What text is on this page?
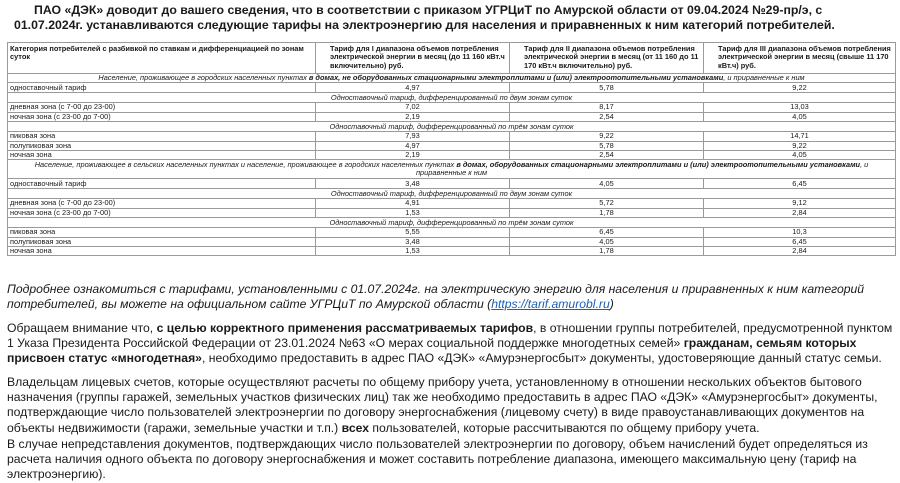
ПАО «ДЭК» доводит до вашего сведения, что в соответствии с приказом УГРЦиТ по Амурской области от 09.04.2024 №29-пр/э, с 01.07.2024г. устанавливаются следующие тарифы на электроэнергию для населения и приравненных к ним категорий потребителей.
Категория потребителей с разбивкой по ставкам и дифференциацией по зонам суток	Тариф для I диапазона объемов потребления электрической энергии в месяц (до 11 160 кВт.ч включительно) руб.	Тариф для II диапазона объемов потребления электрической энергии в месяц (от 11 160 до 11 170 кВт.ч включительно) руб.	Тариф для III диапазона объемов потребления электрической энергии в месяц (свыше 11 170 кВт.ч) руб.
Население, проживающее в городских населенных пунктах в домах, не оборудованных стационарными электроплитами и (или) электроотопительными установками, и приравненные к ним			
одноставочный тариф	4,97	5,78	9,22
Одноставочный тариф, дифференцированный по двум зонам суток			
дневная зона (с 7-00 до 23-00)	7,02	8,17	13,03
ночная зона (с 23-00 до 7-00)	2,19	2,54	4,05
Одноставочный тариф, дифференцированный по трём зонам суток			
пиковая зона	7,93	9,22	14,71
полупиковая зона	4,97	5,78	9,22
ночная зона	2,19	2,54	4,05
Население, проживающее в сельских населенных пунктах и население, проживающее в городских населенных пунктах в домах, оборудованных стационарными электроплитами и (или) электроотопительными установками, и приравненные к ним			
одноставочный тариф	3,48	4,05	6,45
Одноставочный тариф, дифференцированный по двум зонам суток			
дневная зона (с 7-00 до 23-00)	4,91	5,72	9,12
ночная зона (с 23-00 до 7-00)	1,53	1,78	2,84
Одноставочный тариф, дифференцированный по трём зонам суток			
пиковая зона	5,55	6,45	10,3
полупиковая зона	3,48	4,05	6,45
ночная зона	1,53	1,78	2,84
Подробнее ознакомиться с тарифами, установленными с 01.07.2024г. на электрическую энергию для населения и приравненных к ним категорий потребителей, вы можете на официальном сайте УГРЦиТ по Амурской области (https://tarif.amurobl.ru)
Обращаем внимание что, с целью корректного применения рассматриваемых тарифов, в отношении группы потребителей, предусмотренной пунктом 1 Указа Президента Российской Федерации от 23.01.2024 №63 «О мерах социальной поддержке многодетных семей» гражданам, семьям которых присвоен статус «многодетная», необходимо предоставить в адрес ПАО «ДЭК» «Амурэнергосбыт» документы, удостоверяющие данный статус семьи.
Владельцам лицевых счетов, которые осуществляют расчеты по общему прибору учета, установленному в отношении нескольких объектов бытового назначения (группы гаражей, земельных участков физических лиц) так же необходимо предоставить в адрес ПАО «ДЭК» «Амурэнергосбыт» документы, подтверждающие число пользователей электроэнергии по договору энергоснабжения (лицевому счету) в виде правоустанавливающих документов на объекты недвижимости (гаражи, земельные участки и т.п.) всех пользователей, которые рассчитываются по общему прибору учета.
В случае непредставления документов, подтверждающих число пользователей электроэнергии по договору, объем начислений будет определяться из расчета наличия одного объекта по договору энергоснабжения и может составить потребление диапазона, имеющего максимальную цену (тариф на электроэнергию).
